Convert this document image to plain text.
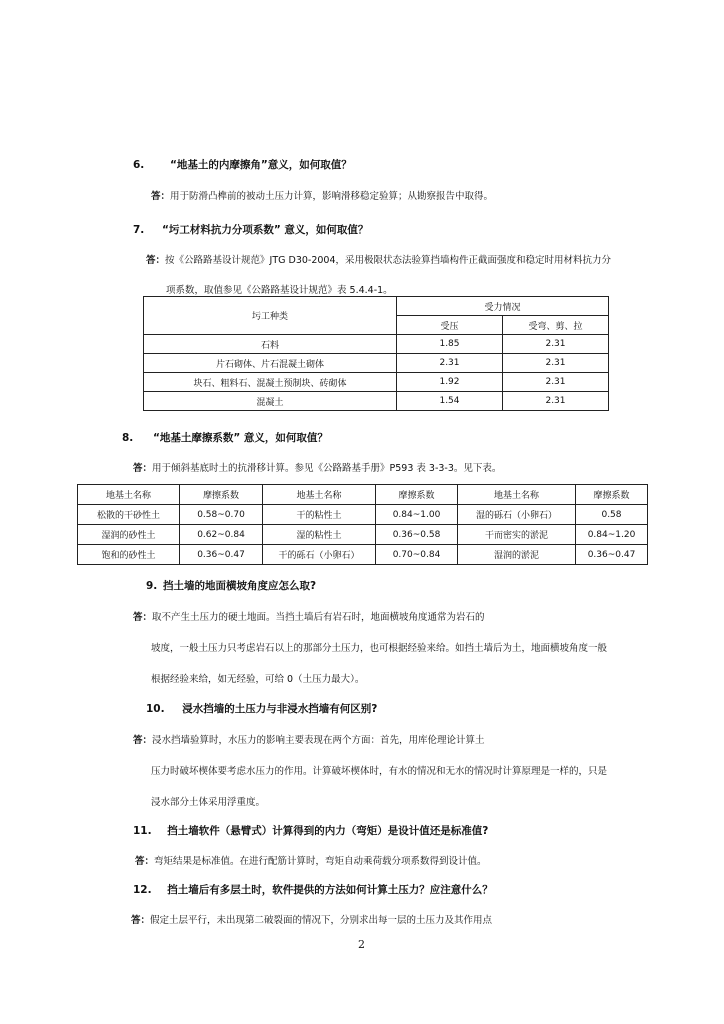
6. “地基土的内摩擦角”意义，如何取值？
答：用于防滑凸榫前的被动土压力计算，影响滑移稳定验算；从勘察报告中取得。
7. “圬工材料抗力分项系数” 意义，如何取值？
答：按《公路路基设计规范》JTG D30-2004，采用极限状态法验算挡墙构件正截面强度和稳定时用材料抗力分
项系数，取值参见《公路路基设计规范》表 5.4.4-1。
圬工种类	受力情况	
	受压	受弯、剪、拉
石料	1.85	2.31
片石砌体、片石混凝土砌体	2.31	2.31
块石、粗料石、混凝土预制块、砖砌体	1.92	2.31
混凝土	1.54	2.31
8. “地基土摩擦系数” 意义，如何取值？
答：用于倾斜基底时土的抗滑移计算。参见《公路路基手册》P593 表 3-3-3。见下表。
地基土名称	摩擦系数	地基土名称	摩擦系数	地基土名称	摩擦系数
松散的干砂性土	0.58~0.70	干的粘性土	0.84~1.00	湿的砾石（小卵石）	0.58
湿润的砂性土	0.62~0.84	湿的粘性土	0.36~0.58	干而密实的淤泥	0.84~1.20
饱和的砂性土	0.36~0.47	干的砾石（小卵石）	0.70~0.84	湿润的淤泥	0.36~0.47
9. 挡土墙的地面横坡角度应怎么取?
答：取不产生土压力的硬土地面。当挡土墙后有岩石时，地面横坡角度通常为岩石的
坡度，一般土压力只考虑岩石以上的那部分土压力，也可根据经验来给。如挡土墙后为土，地面横坡角度一般
根据经验来给，如无经验，可给 0（土压力最大）。
10. 浸水挡墙的土压力与非浸水挡墙有何区别?
答：浸水挡墙验算时，水压力的影响主要表现在两个方面：首先，用库伦理论计算土
压力时破坏楔体要考虑水压力的作用。计算破坏楔体时，有水的情况和无水的情况时计算原理是一样的，只是
浸水部分土体采用浮重度。
11. 挡土墙软件（悬臂式）计算得到的内力（弯矩）是设计值还是标准值?
答：弯矩结果是标准值。在进行配筋计算时，弯矩自动乘荷载分项系数得到设计值。
12. 挡土墙后有多层土时，软件提供的方法如何计算土压力？应注意什么？
答：假定土层平行，未出现第二破裂面的情况下，分别求出每一层的土压力及其作用点
2
